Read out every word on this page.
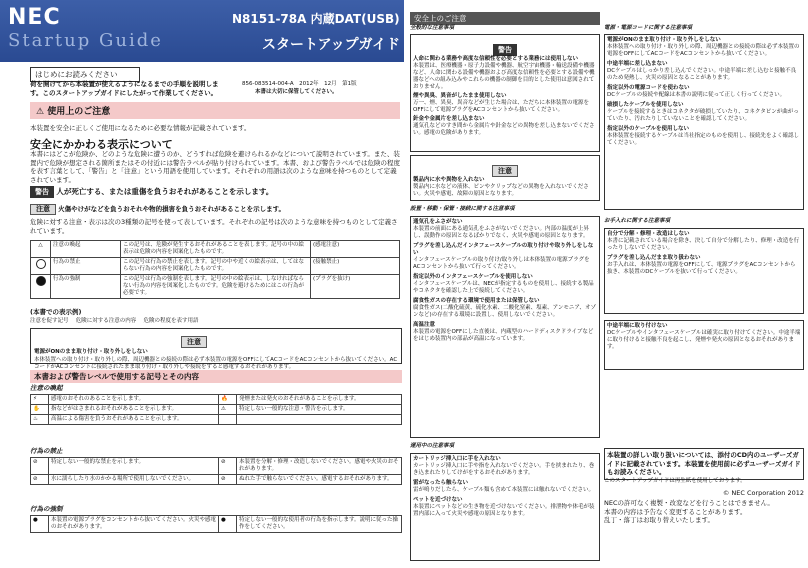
NEC
Startup Guide
N8151-78A 内蔵DAT(USB)
スタートアップガイド
はじめにお読みください
荷を開けてから本装置が使えるようになるまでの手順を説明します。このスタートアップガイドにしたがって作業してください。
856-083514-004-A　2012年　12月　第1版
本書は大切に保管してください。
⚠ 使用上のご注意
本装置を安全に正しくご使用になるために必要な情報が記載されています。
安全にかかわる表示について
本書にはどこが危険か、どのような危険に遭うのか、どうすれば危険を避けられるかなどについて説明されています。また、装置内で危険が想定される箇所またはその付近には警告ラベルが貼り付けられています。本書、および警告ラベルでは危険の程度を表す言葉として、「警告」と「注意」という用語を使用しています。それぞれの用語は次のような意味を持つものとして定義されています。
警告 人が死亡する、または重傷を負うおそれがあることを示します。
注意 火傷やけがなどを負うおそれや物的損害を負うおそれがあることを示します。
危険に対する注意・表示は次の3種類の記号を使って表しています。それぞれの記号は次のような意味を持つものとして定義されています。
△	注意の喚起	この記号は、危険が発生するおそれがあることを表します。記号の中の絵表示は危険の内容を図案化したものです。	(感電注意)
	行為の禁止	この記号は行為の禁止を表します。記号の中や近くの絵表示は、してはならない行為の内容を図案化したものです。	(接触禁止)
	行為の強制	この記号は行為の強制を表します。記号の中の絵表示は、しなければならない行為の内容を図案化したものです。危険を避けるためにはこの行為が必要です。	(プラグを抜け)
(本書での表示例)
注意を促す記号　 危険に対する注意の内容　 危険の程度を表す用語
注意
電源がONのまま取り付け・取り外しをしない
本体装置への取り付け・取り外しの際、周辺機器との接続の際は必ず本装置の電源をOFFにしてACコードをACコンセントから抜いてください。ACコードがACコンセントに接続されたまま取り付け・取り外しや接続をすると感電するおそれがあります。
本書および警告レベルで使用する記号とその内容
注意の喚起
⚡	感電のおそれのあることを示します。	🔥	発煙または発火のおそれがあることを示します。
✋	指などがはさまれるおそれがあることを示します。	⚠	特定しない一般的な注意・警告を示します。
♨	高温による傷害を負うおそれがあることを示します。		
行為の禁止
⊘	特定しない一般的な禁止を示します。	⊘	本装置を分解・修理・改造しないでください。感電や火災のおそれがあります。
⊘	水に濡らしたり水のかかる場所で使用しないでください。	⊘	ぬれた手で触らないでください。感電するおそれがあります。
行為の強制
●	本装置の電源プラグをコンセントから抜いてください。火災や感電のおそれがあります。	●	特定しない一般的な使用者の行為を指示します。説明に従った操作をしてください。
安全上のご注意
全般的な注意事項
警告
人命に関わる業務や高度な信頼性を必要とする業務には使用しない
本装置は、医療機器・原子力設備や機器、航空宇宙機器・輸送設備や機器など、人命に関わる設備や機器および高度な信頼性を必要とする設備や機器などへの組み込みやこれらの機器の制御を目的とした使用は意図されておりません。
煙や異臭、異音がしたまま使用しない
万一、煙、異臭、異音などが生じた場合は、ただちに本体装置の電源をOFFにして電源プラグをACコンセントから抜いてください。
針金や金属片を差し込まない
通気孔などのすき間から金属片や針金などの異物を差し込まないでください。感電の危険があります。
注意
製品内に水や異物を入れない
製品内に水などの液体、ピンやクリップなどの異物を入れないでください。火災や感電、故障の原因となります。
設置・移動・保管・接続に関する注意事項
通気孔をふさがない
本装置の前面にある通気孔をふさがないでください。内部の温度が上昇し、誤動作の原因となるばかりでなく、火災や感電の原因となります。
プラグを差し込んだインタフェースケーブルの取り付けや取り外しをしない
インタフェースケーブルの取り付け/取り外しは本体装置の電源プラグをACコンセントから抜いて行ってください。
指定以外のインタフェースケーブルを使用しない
インタフェースケーブルは、NECが指定するものを使用し、接続する製品やコネクタを確認した上で接続してください。
腐食性ガスの存在する環境で使用または保管しない
腐食性ガス(二酸化硫黄、硫化水素、二酸化窒素、塩素、アンモニア、オゾンなど)の存在する環境に設置し、使用しないでください。
高温注意
本装置の電源をOFFにした直後は、内蔵型のハードディスクドライブなどをはじめ装置内の部品が高温になっています。
運用中の注意事項
カートリッジ挿入口に手を入れない
カートリッジ挿入口に手や指を入れないでください。手を挟まれたり、巻き込まれたりしてけがをするおそれがあります。
雷がなったら触らない
雷が鳴りだしたら、ケーブル類も含めて本装置には触れないでください。
ペットを近づけない
本装置にペットなどの生き物を近づけないでください。排泄物や体毛が装置内部に入って火災や感電の原因となります。
電源・電源コードに関する注意事項
電源がONのまま取り付け・取り外しをしない
本体装置への取り付け・取り外しの際、周辺機器との接続の際は必ず本装置の電源をOFFにしてACコードをACコンセントから抜いてください。
中途半端に差し込まない
DCケーブルはしっかり差し込んでください。中途半端に差し込むと接触不良のため発熱し、火災の原因となることがあります。
指定以外の電源コードを使わない
DCケーブルの接続や配線は本書の説明に従って正しく行ってください。
破損したケーブルを使用しない
ケーブルを接続するときはコネクタが破損していたり、コネクタピンが曲がっていたり、汚れたりしていないことを確認してください。
指定以外のケーブルを使用しない
本体装置を接続するケーブルは当社指定のものを使用し、接続先をよく確認してください。
お手入れに関する注意事項
自分で分解・修理・改造はしない
本書に記載されている場合を除き、決して自分で分解したり、修理・改造を行ったりしないでください。
プラグを差し込んだまま取り扱わない
お手入れは、本体装置の電源をOFFにして、電源プラグをACコンセントから抜き、本装置のDCケーブルを抜いて行ってください。
中途半端に取り付けない
DCケーブルやインタフェースケーブルは確実に取り付けてください。中途半端に取り付けると接触不良を起こし、発煙や発火の原因となるおそれがあります。
本装置の詳しい取り扱いについては、添付のCD内のユーザーズガイドに記載されています。本装置を使用前に必ずユーザーズガイドもお読みください。
このスタートアップガイドは再生紙を使用しております。
© NEC Corporation 2012
NECの許可なく複製・改変などを行うことはできません。
本書の内容は予告なく変更することがあります。
乱丁・落丁はお取り替えいたします。
